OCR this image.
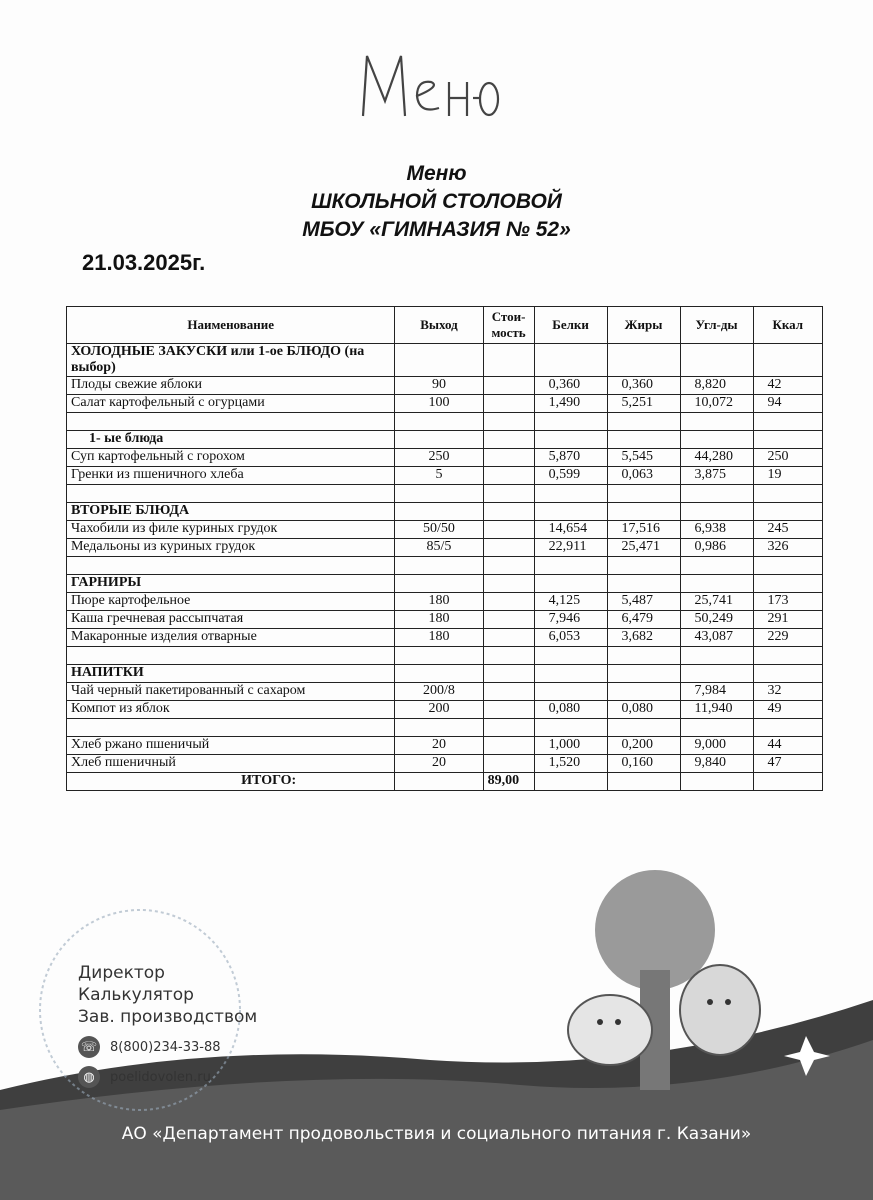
Меню
ШКОЛЬНОЙ СТОЛОВОЙ
МБОУ «ГИМНАЗИЯ № 52»
21.03.2025г.
Наименование	Выход	Стои-мость	Белки	Жиры	Угл-ды	Ккал
ХОЛОДНЫЕ ЗАКУСКИ или 1-ое БЛЮДО (на выбор)						
Плоды свежие яблоки	90		0,360	0,360	8,820	42
Салат картофельный с огурцами	100		1,490	5,251	10,072	94

1- ые блюда						
Суп картофельный с горохом	250		5,870	5,545	44,280	250
Гренки из пшеничного хлеба	5		0,599	0,063	3,875	19

ВТОРЫЕ БЛЮДА						
Чахобили из филе куриных грудок	50/50		14,654	17,516	6,938	245
Медальоны из куриных грудок	85/5		22,911	25,471	0,986	326

ГАРНИРЫ						
Пюре картофельное	180		4,125	5,487	25,741	173
Каша гречневая рассыпчатая	180		7,946	6,479	50,249	291
Макаронные изделия отварные	180		6,053	3,682	43,087	229

НАПИТКИ						
Чай черный пакетированный с сахаром	200/8				7,984	32
Компот из яблок	200		0,080	0,080	11,940	49

Хлеб ржано пшеничый	20		1,000	0,200	9,000	44
Хлеб пшеничный	20		1,520	0,160	9,840	47
ИТОГО:		89,00				
Директор
Калькулятор
Зав. производством
☏ 8(800)234-33-88
◍	poelidovolen.ru
АО «Департамент продовольствия и социального питания г. Казани»
